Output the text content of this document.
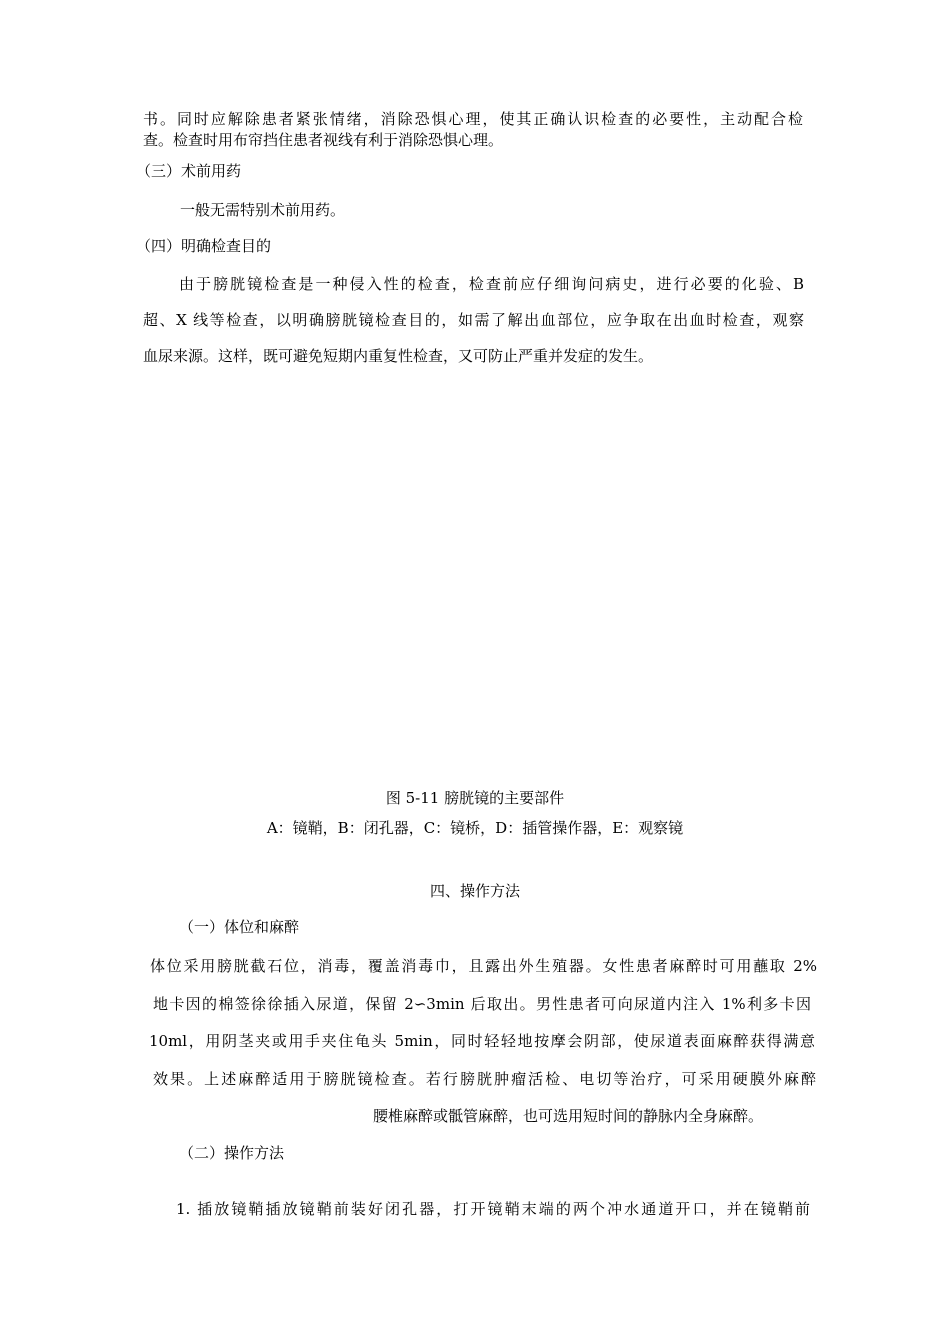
书。同时应解除患者紧张情绪，消除恐惧心理，使其正确认识检查的必要性，主动配合检
查。检查时用布帘挡住患者视线有利于消除恐惧心理。
（三）术前用药
一般无需特别术前用药。
（四）明确检查目的
由于膀胱镜检查是一种侵入性的检查，检查前应仔细询问病史，进行必要的化验、B
超、X 线等检查，以明确膀胱镜检查目的，如需了解出血部位，应争取在出血时检查，观察
血尿来源。这样，既可避免短期内重复性检查，又可防止严重并发症的发生。
图 5-11 膀胱镜的主要部件
A：镜鞘，B：闭孔器，C：镜桥，D：插管操作器，E：观察镜
四、操作方法
（一）体位和麻醉
体位采用膀胱截石位，消毒，覆盖消毒巾，且露出外生殖器。女性患者麻醉时可用蘸取 2%
地卡因的棉签徐徐插入尿道，保留 2∽3min 后取出。男性患者可向尿道内注入 1%利多卡因
10ml，用阴茎夹或用手夹住龟头 5min，同时轻轻地按摩会阴部，使尿道表面麻醉获得满意
效果。上述麻醉适用于膀胱镜检查。若行膀胱肿瘤活检、电切等治疗，可采用硬膜外麻醉
腰椎麻醉或骶管麻醉，也可选用短时间的静脉内全身麻醉。
（二）操作方法
1. 插放镜鞘插放镜鞘前装好闭孔器，打开镜鞘末端的两个冲水通道开口，并在镜鞘前
